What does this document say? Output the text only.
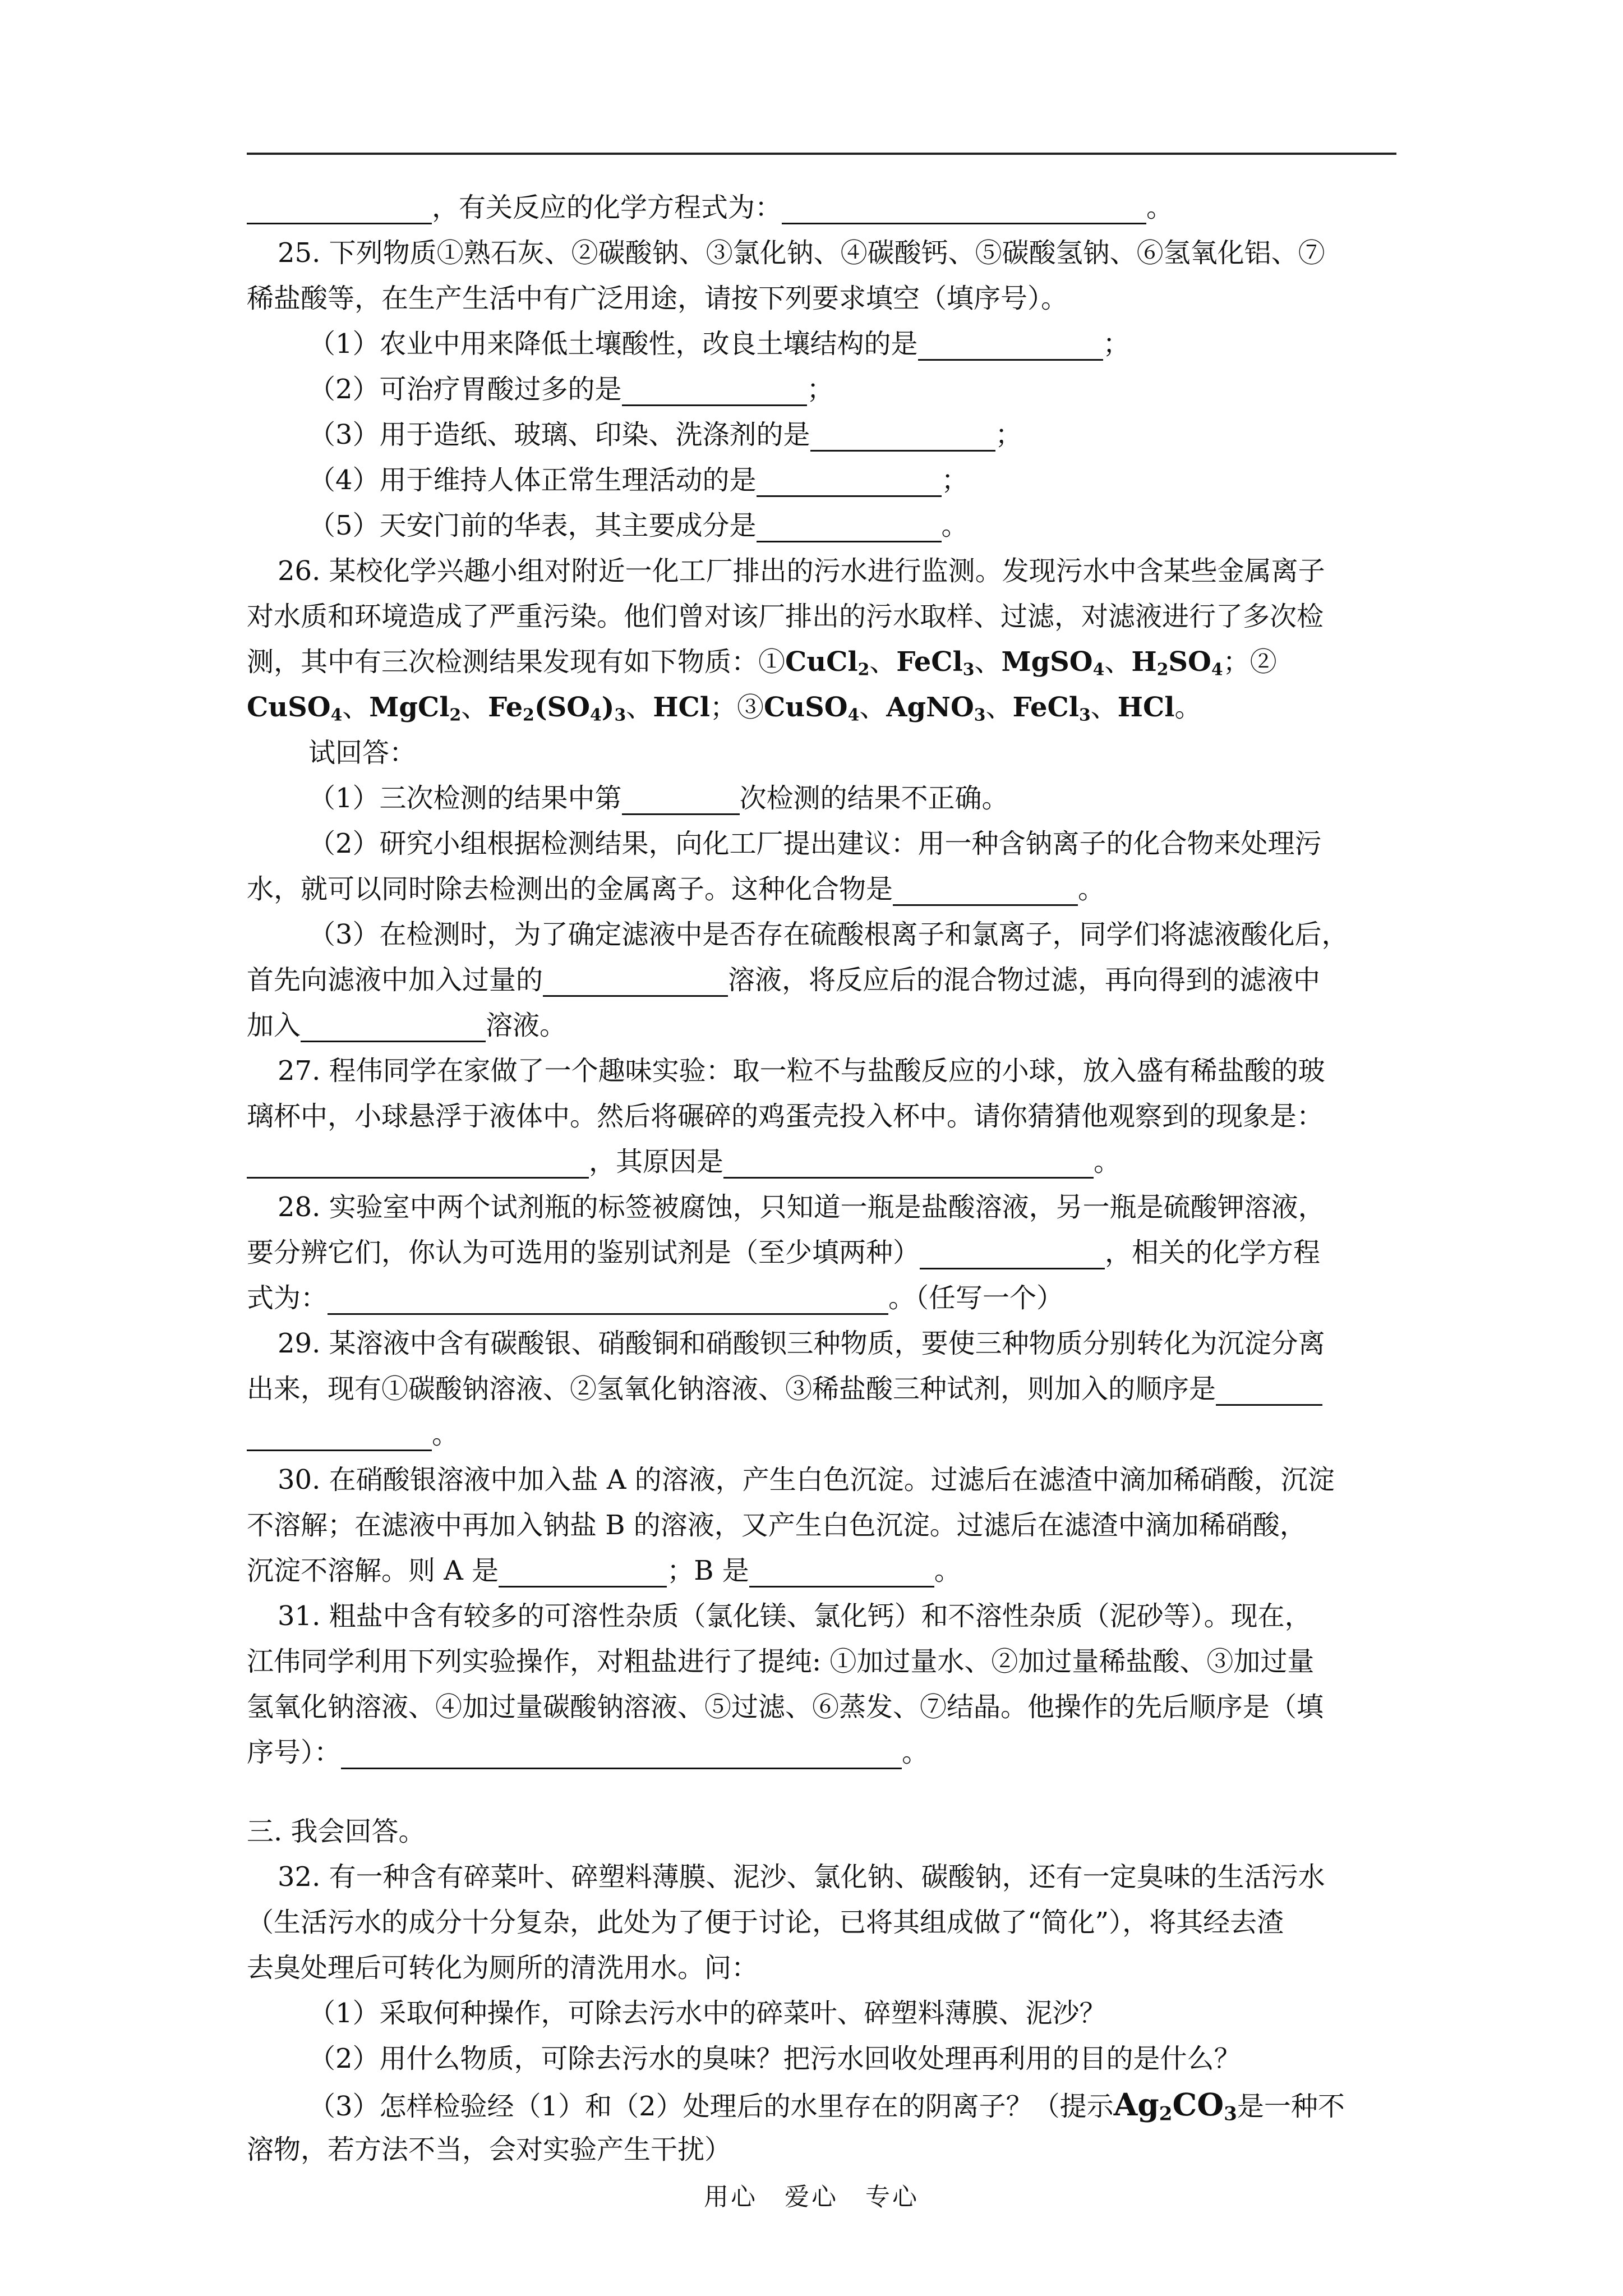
，有关反应的化学方程式为：	。
25. 下列物质①熟石灰、②碳酸钠、③氯化钠、④碳酸钙、⑤碳酸氢钠、⑥氢氧化铝、⑦
稀盐酸等，在生产生活中有广泛用途，请按下列要求填空（填序号）。
（1）农业中用来降低土壤酸性，改良土壤结构的是	；
（2）可治疗胃酸过多的是	；
（3）用于造纸、玻璃、印染、洗涤剂的是	；
（4）用于维持人体正常生理活动的是	；
（5）天安门前的华表，其主要成分是	。
26. 某校化学兴趣小组对附近一化工厂排出的污水进行监测。发现污水中含某些金属离子
对水质和环境造成了严重污染。他们曾对该厂排出的污水取样、过滤，对滤液进行了多次检
测，其中有三次检测结果发现有如下物质：①CuCl$_2$、FeCl$_3$、MgSO$_4$、$H_2SO_4$；②
CuSO$_4$、MgCl$_2$、$Fe_2(SO_4)_3$、HCl；③CuSO$_4$、AgNO$_3$、FeCl$_3$、HCl。
试回答：
（1）三次检测的结果中第	次检测的结果不正确。
（2）研究小组根据检测结果，向化工厂提出建议：用一种含钠离子的化合物来处理污
水，就可以同时除去检测出的金属离子。这种化合物是	。
（3）在检测时，为了确定滤液中是否存在硫酸根离子和氯离子，同学们将滤液酸化后，
首先向滤液中加入过量的	溶液，将反应后的混合物过滤，再向得到的滤液中
加入	溶液。
27. 程伟同学在家做了一个趣味实验：取一粒不与盐酸反应的小球，放入盛有稀盐酸的玻
璃杯中，小球悬浮于液体中。然后将碾碎的鸡蛋壳投入杯中。请你猜猜他观察到的现象是：
，其原因是	。
28. 实验室中两个试剂瓶的标签被腐蚀，只知道一瓶是盐酸溶液，另一瓶是硫酸钾溶液，
要分辨它们，你认为可选用的鉴别试剂是（至少填两种）	，相关的化学方程
式为：	。（任写一个）
29. 某溶液中含有碳酸银、硝酸铜和硝酸钡三种物质，要使三种物质分别转化为沉淀分离
出来，现有①碳酸钠溶液、②氢氧化钠溶液、③稀盐酸三种试剂，则加入的顺序是
。
30. 在硝酸银溶液中加入盐 A 的溶液，产生白色沉淀。过滤后在滤渣中滴加稀硝酸，沉淀
不溶解；在滤液中再加入钠盐 B 的溶液，又产生白色沉淀。过滤后在滤渣中滴加稀硝酸，
沉淀不溶解。则 A 是	；B 是	。
31. 粗盐中含有较多的可溶性杂质（氯化镁、氯化钙）和不溶性杂质（泥砂等）。现在，
江伟同学利用下列实验操作，对粗盐进行了提纯: ①加过量水、②加过量稀盐酸、③加过量
氢氧化钠溶液、④加过量碳酸钠溶液、⑤过滤、⑥蒸发、⑦结晶。他操作的先后顺序是（填
序号）：	。
三. 我会回答。
32. 有一种含有碎菜叶、碎塑料薄膜、泥沙、氯化钠、碳酸钠，还有一定臭味的生活污水
（生活污水的成分十分复杂，此处为了便于讨论，已将其组成做了“简化”），将其经去渣
去臭处理后可转化为厕所的清洗用水。问：
（1）采取何种操作，可除去污水中的碎菜叶、碎塑料薄膜、泥沙？
（2）用什么物质，可除去污水的臭味？把污水回收处理再利用的目的是什么？
（3）怎样检验经（1）和（2）处理后的水里存在的阴离子？（提示$Ag_2CO_3$是一种不
溶物，若方法不当，会对实验产生干扰）
用心　爱心　专心
